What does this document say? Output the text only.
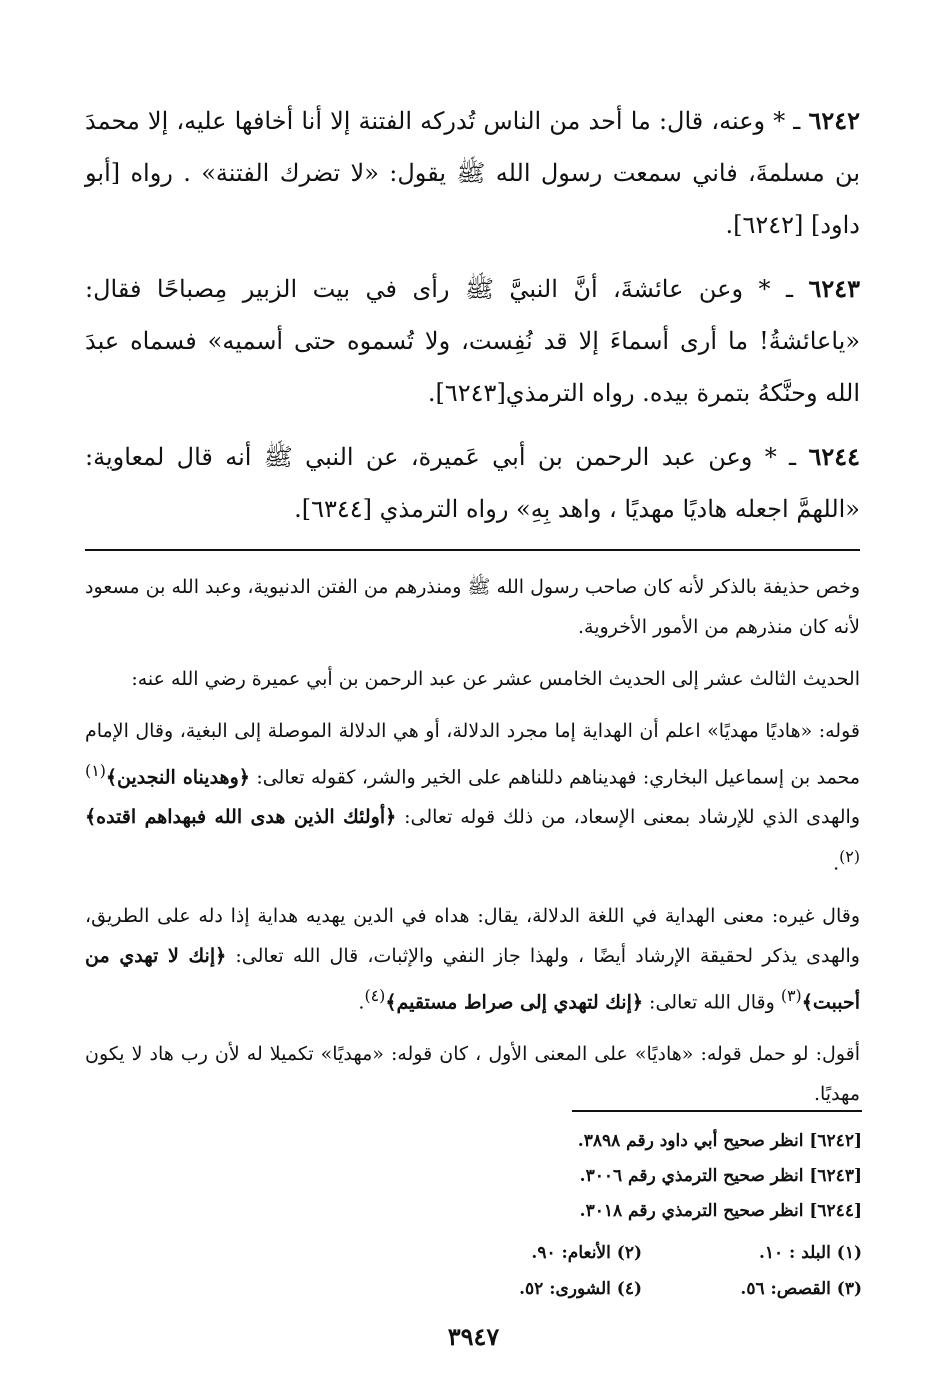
٦٢٤٢ ـ * وعنه، قال: ما أحد من الناس تُدركه الفتنة إلا أنا أخافها عليه، إلا محمدَ بن مسلمةَ، فاني سمعت رسول الله ﷺ يقول: «لا تضرك الفتنة» . رواه [أبو داود] [٦٢٤٢].

٦٢٤٣ ـ * وعن عائشةَ، أنَّ النبيَّ ﷺ رأى في بيت الزبير مِصباحًا فقال: «ياعائشةُ! ما أرى أسماءَ إلا قد نُفِست، ولا تُسموه حتى أسميه» فسماه عبدَ الله وحنَّكهُ بتمرة بيده. رواه الترمذي[٦٢٤٣].

٦٢٤٤ ـ * وعن عبد الرحمن بن أبي عَميرة، عن النبي ﷺ أنه قال لمعاوية: «اللهمَّ اجعله هاديًا مهديًا ، واهد بِهِ» رواه الترمذي [٦٣٤٤].

وخص حذيفة بالذكر لأنه كان صاحب رسول الله ﷺ ومنذرهم من الفتن الدنيوية، وعبد الله بن مسعود لأنه كان منذرهم من الأمور الأخروية.

الحديث الثالث عشر إلى الحديث الخامس عشر عن عبد الرحمن بن أبي عميرة رضي الله عنه:

قوله: «هاديًا مهديًا» اعلم أن الهداية إما مجرد الدلالة، أو هي الدلالة الموصلة إلى البغية، وقال الإمام محمد بن إسماعيل البخاري: فهديناهم دللناهم على الخير والشر، كقوله تعالى: ﴿وهديناه النجدين﴾$^{(١)}$ والهدى الذي للإرشاد بمعنى الإسعاد، من ذلك قوله تعالى: ﴿أولئك الذين هدى الله فبهداهم اقتده﴾$^{(٢)}$.

وقال غيره: معنى الهداية في اللغة الدلالة، يقال: هداه في الدين يهديه هداية إذا دله على الطريق، والهدى يذكر لحقيقة الإرشاد أيضًا ، ولهذا جاز النفي والإثبات، قال الله تعالى: ﴿إنك لا تهدي من أحببت﴾$^{(٣)}$ وقال الله تعالى: ﴿إنك لتهدي إلى صراط مستقيم﴾$^{(٤)}$.

أقول: لو حمل قوله: «هاديًا» على المعنى الأول ، كان قوله: «مهديًا» تكميلا له لأن رب هاد لا يكون مهديًا.

[٦٢٤٢] انظر صحيح أبي داود رقم ٣٨٩٨.

[٦٢٤٣] انظر صحيح الترمذي رقم ٣٠٠٦.

[٦٢٤٤] انظر صحيح الترمذي رقم ٣٠١٨.

(١) البلد : ١٠.
(٢) الأنعام: ٩٠.
(٣) القصص: ٥٦.
(٤) الشورى: ٥٢.
٣٩٤٧
